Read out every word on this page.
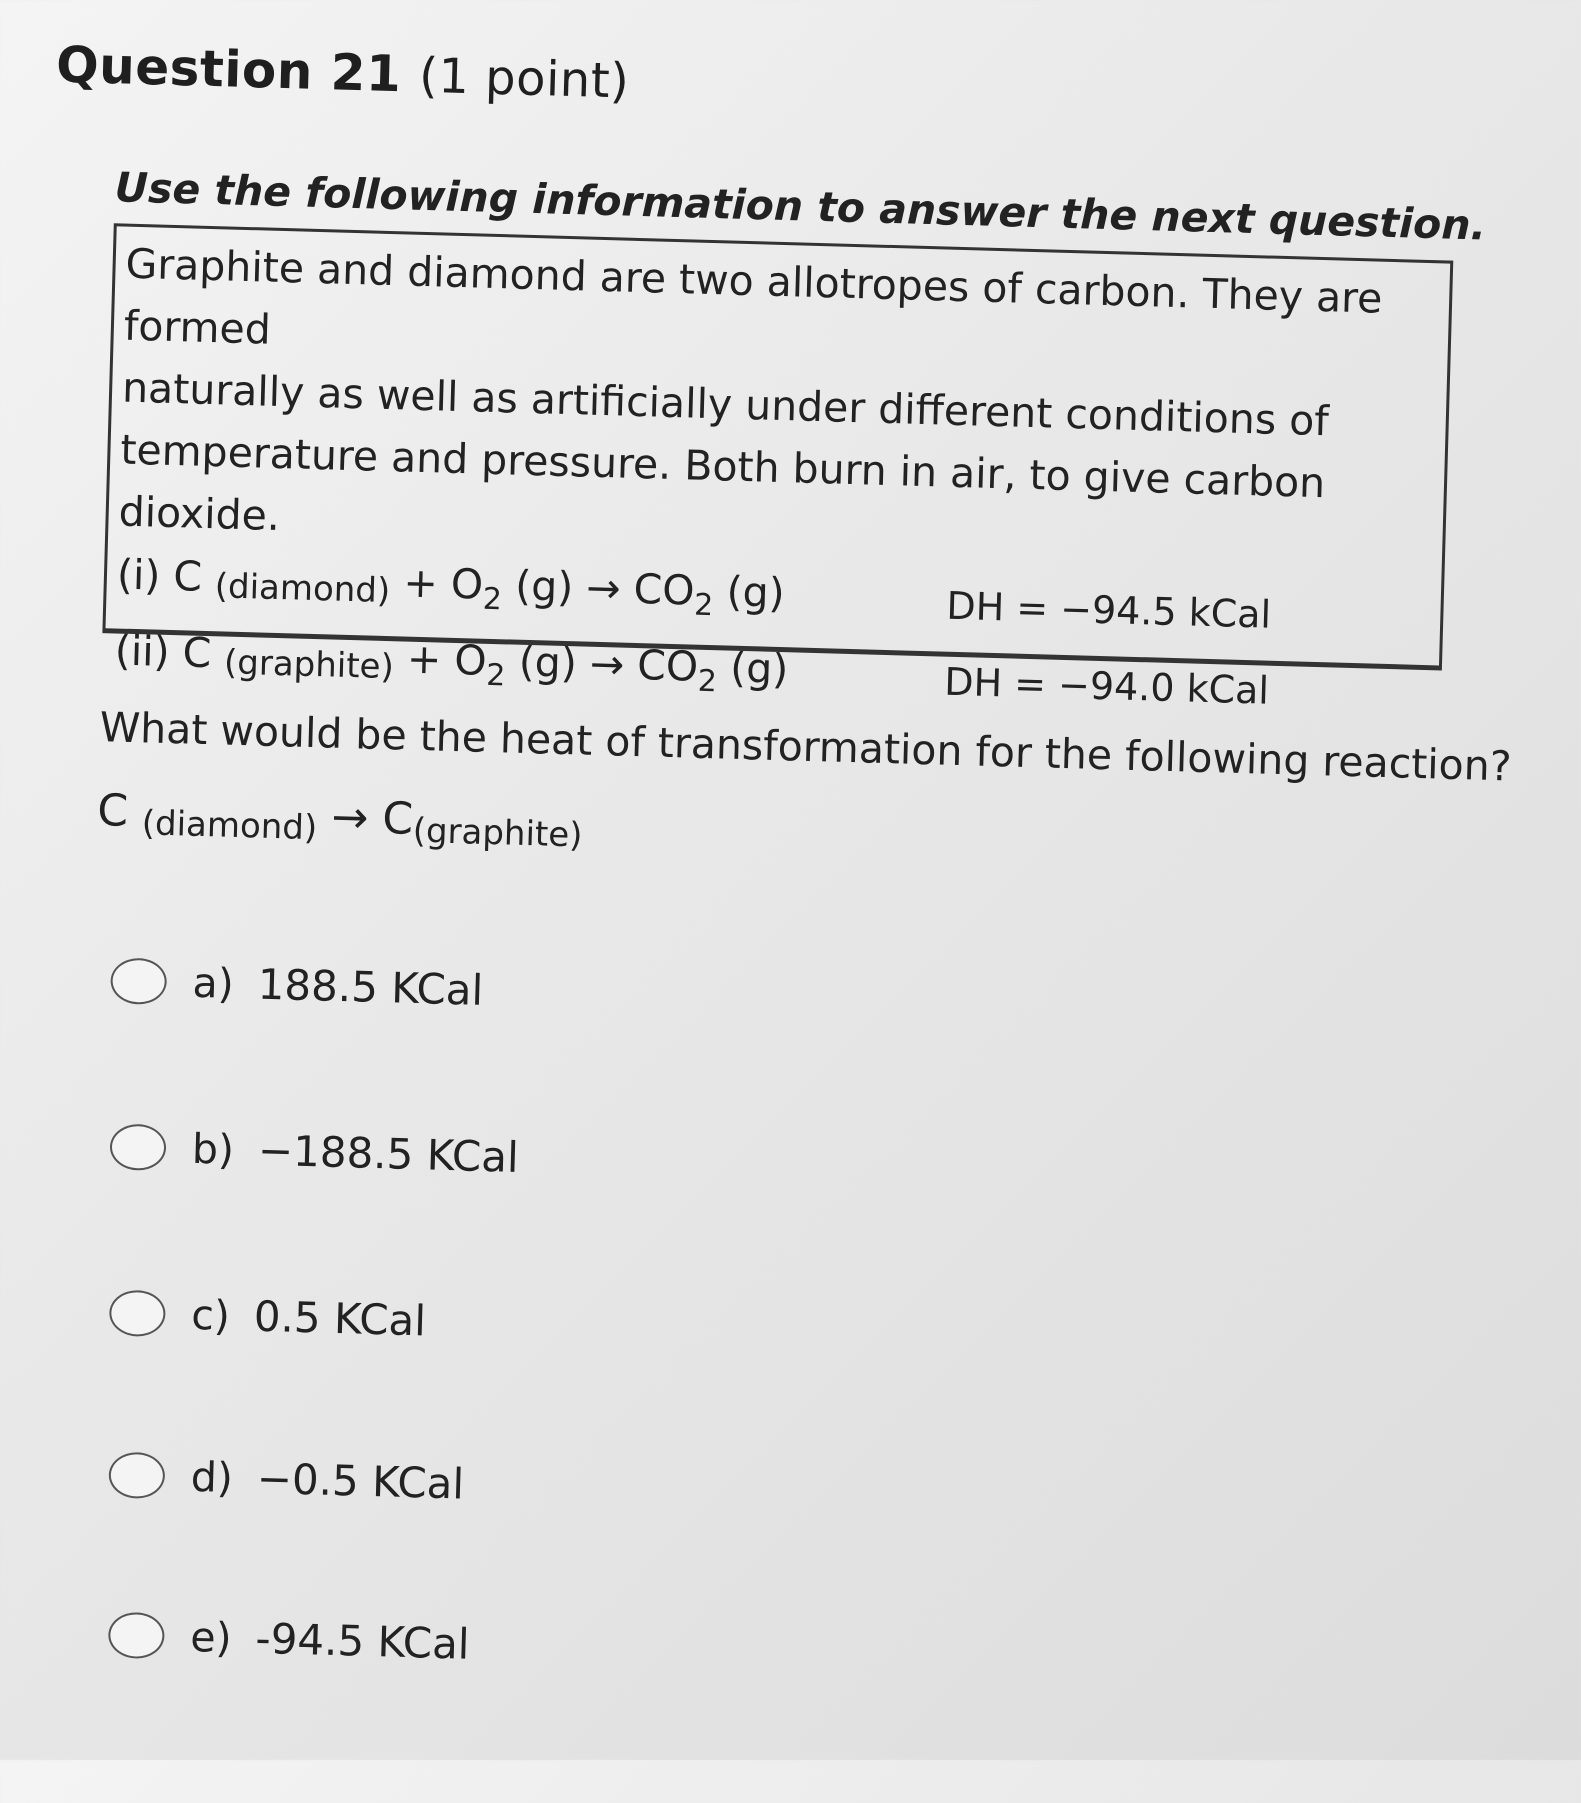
Question 21 (1 point)
Use the following information to answer the next question.

Graphite and diamond are two allotropes of carbon. They are formed

naturally as well as artificially under different conditions of

temperature and pressure. Both burn in air, to give carbon dioxide.

(i) C (diamond) + $O_2$ $(g) \to CO_2$ (g)	DH = −94.5 kCal
(ii) C (graphite) + $O_2$ $(g) \to CO_2$ (g)	DH = −94.0 kCal
What would be the heat of transformation for the following reaction?
C $_{(diamond)} \to C_{(graphite)}$
a) 188.5 KCal
b) −188.5 KCal
c) 0.5 KCal
d) −0.5 KCal
e) -94.5 KCal
